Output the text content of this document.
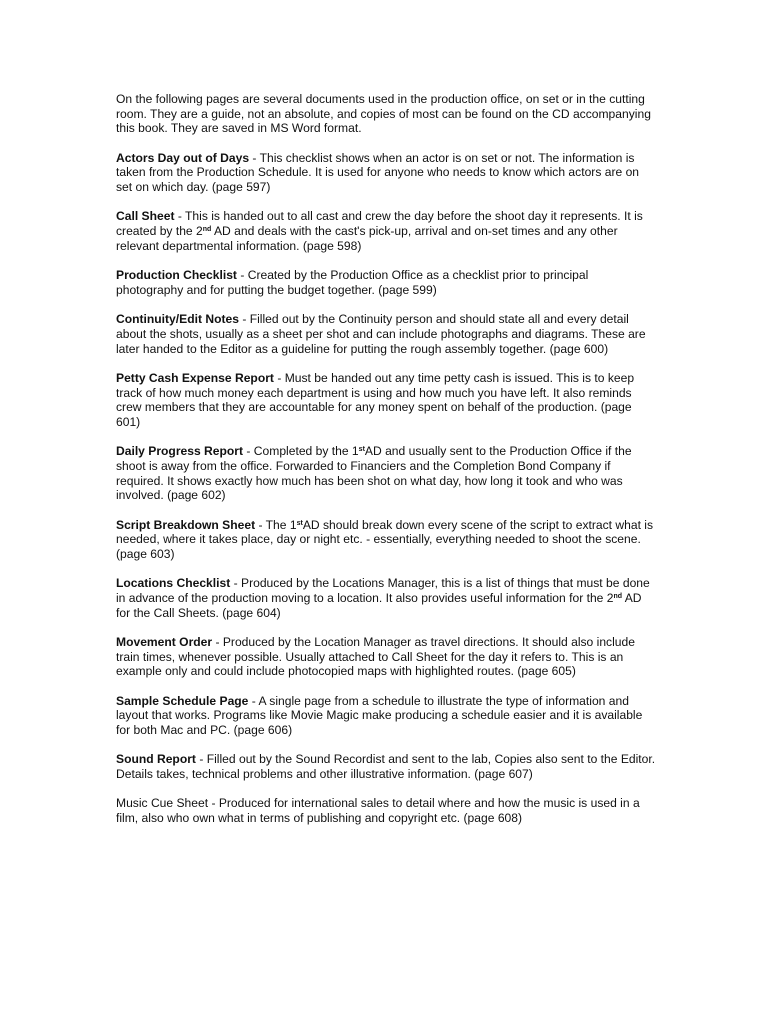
On the following pages are several documents used in the production office, on set or in the cutting room. They are a guide, not an absolute, and copies of most can be found on the CD accompanying this book. They are saved in MS Word format.

Actors Day out of Days - This checklist shows when an actor is on set or not. The information is taken from the Production Schedule. It is used for anyone who needs to know which actors are on set on which day. (page 597)

Call Sheet - This is handed out to all cast and crew the day before the shoot day it represents. It is created by the 2nd AD and deals with the cast's pick-up, arrival and on-set times and any other relevant departmental information. (page 598)

Production Checklist - Created by the Production Office as a checklist prior to principal photography and for putting the budget together. (page 599)

Continuity/Edit Notes - Filled out by the Continuity person and should state all and every detail about the shots, usually as a sheet per shot and can include photographs and diagrams. These are later handed to the Editor as a guideline for putting the rough assembly together. (page 600)

Petty Cash Expense Report - Must be handed out any time petty cash is issued. This is to keep track of how much money each department is using and how much you have left. It also reminds crew members that they are accountable for any money spent on behalf of the production. (page 601)

Daily Progress Report - Completed by the 1stAD and usually sent to the Production Office if the shoot is away from the office. Forwarded to Financiers and the Completion Bond Company if required. It shows exactly how much has been shot on what day, how long it took and who was involved. (page 602)

Script Breakdown Sheet - The 1stAD should break down every scene of the script to extract what is needed, where it takes place, day or night etc. - essentially, everything needed to shoot the scene. (page 603)

Locations Checklist - Produced by the Locations Manager, this is a list of things that must be done in advance of the production moving to a location. It also provides useful information for the 2nd AD for the Call Sheets. (page 604)

Movement Order - Produced by the Location Manager as travel directions. It should also include train times, whenever possible. Usually attached to Call Sheet for the day it refers to. This is an example only and could include photocopied maps with highlighted routes. (page 605)

Sample Schedule Page - A single page from a schedule to illustrate the type of information and layout that works. Programs like Movie Magic make producing a schedule easier and it is available for both Mac and PC. (page 606)

Sound Report - Filled out by the Sound Recordist and sent to the lab, Copies also sent to the Editor. Details takes, technical problems and other illustrative information. (page 607)

Music Cue Sheet - Produced for international sales to detail where and how the music is used in a film, also who own what in terms of publishing and copyright etc. (page 608)
